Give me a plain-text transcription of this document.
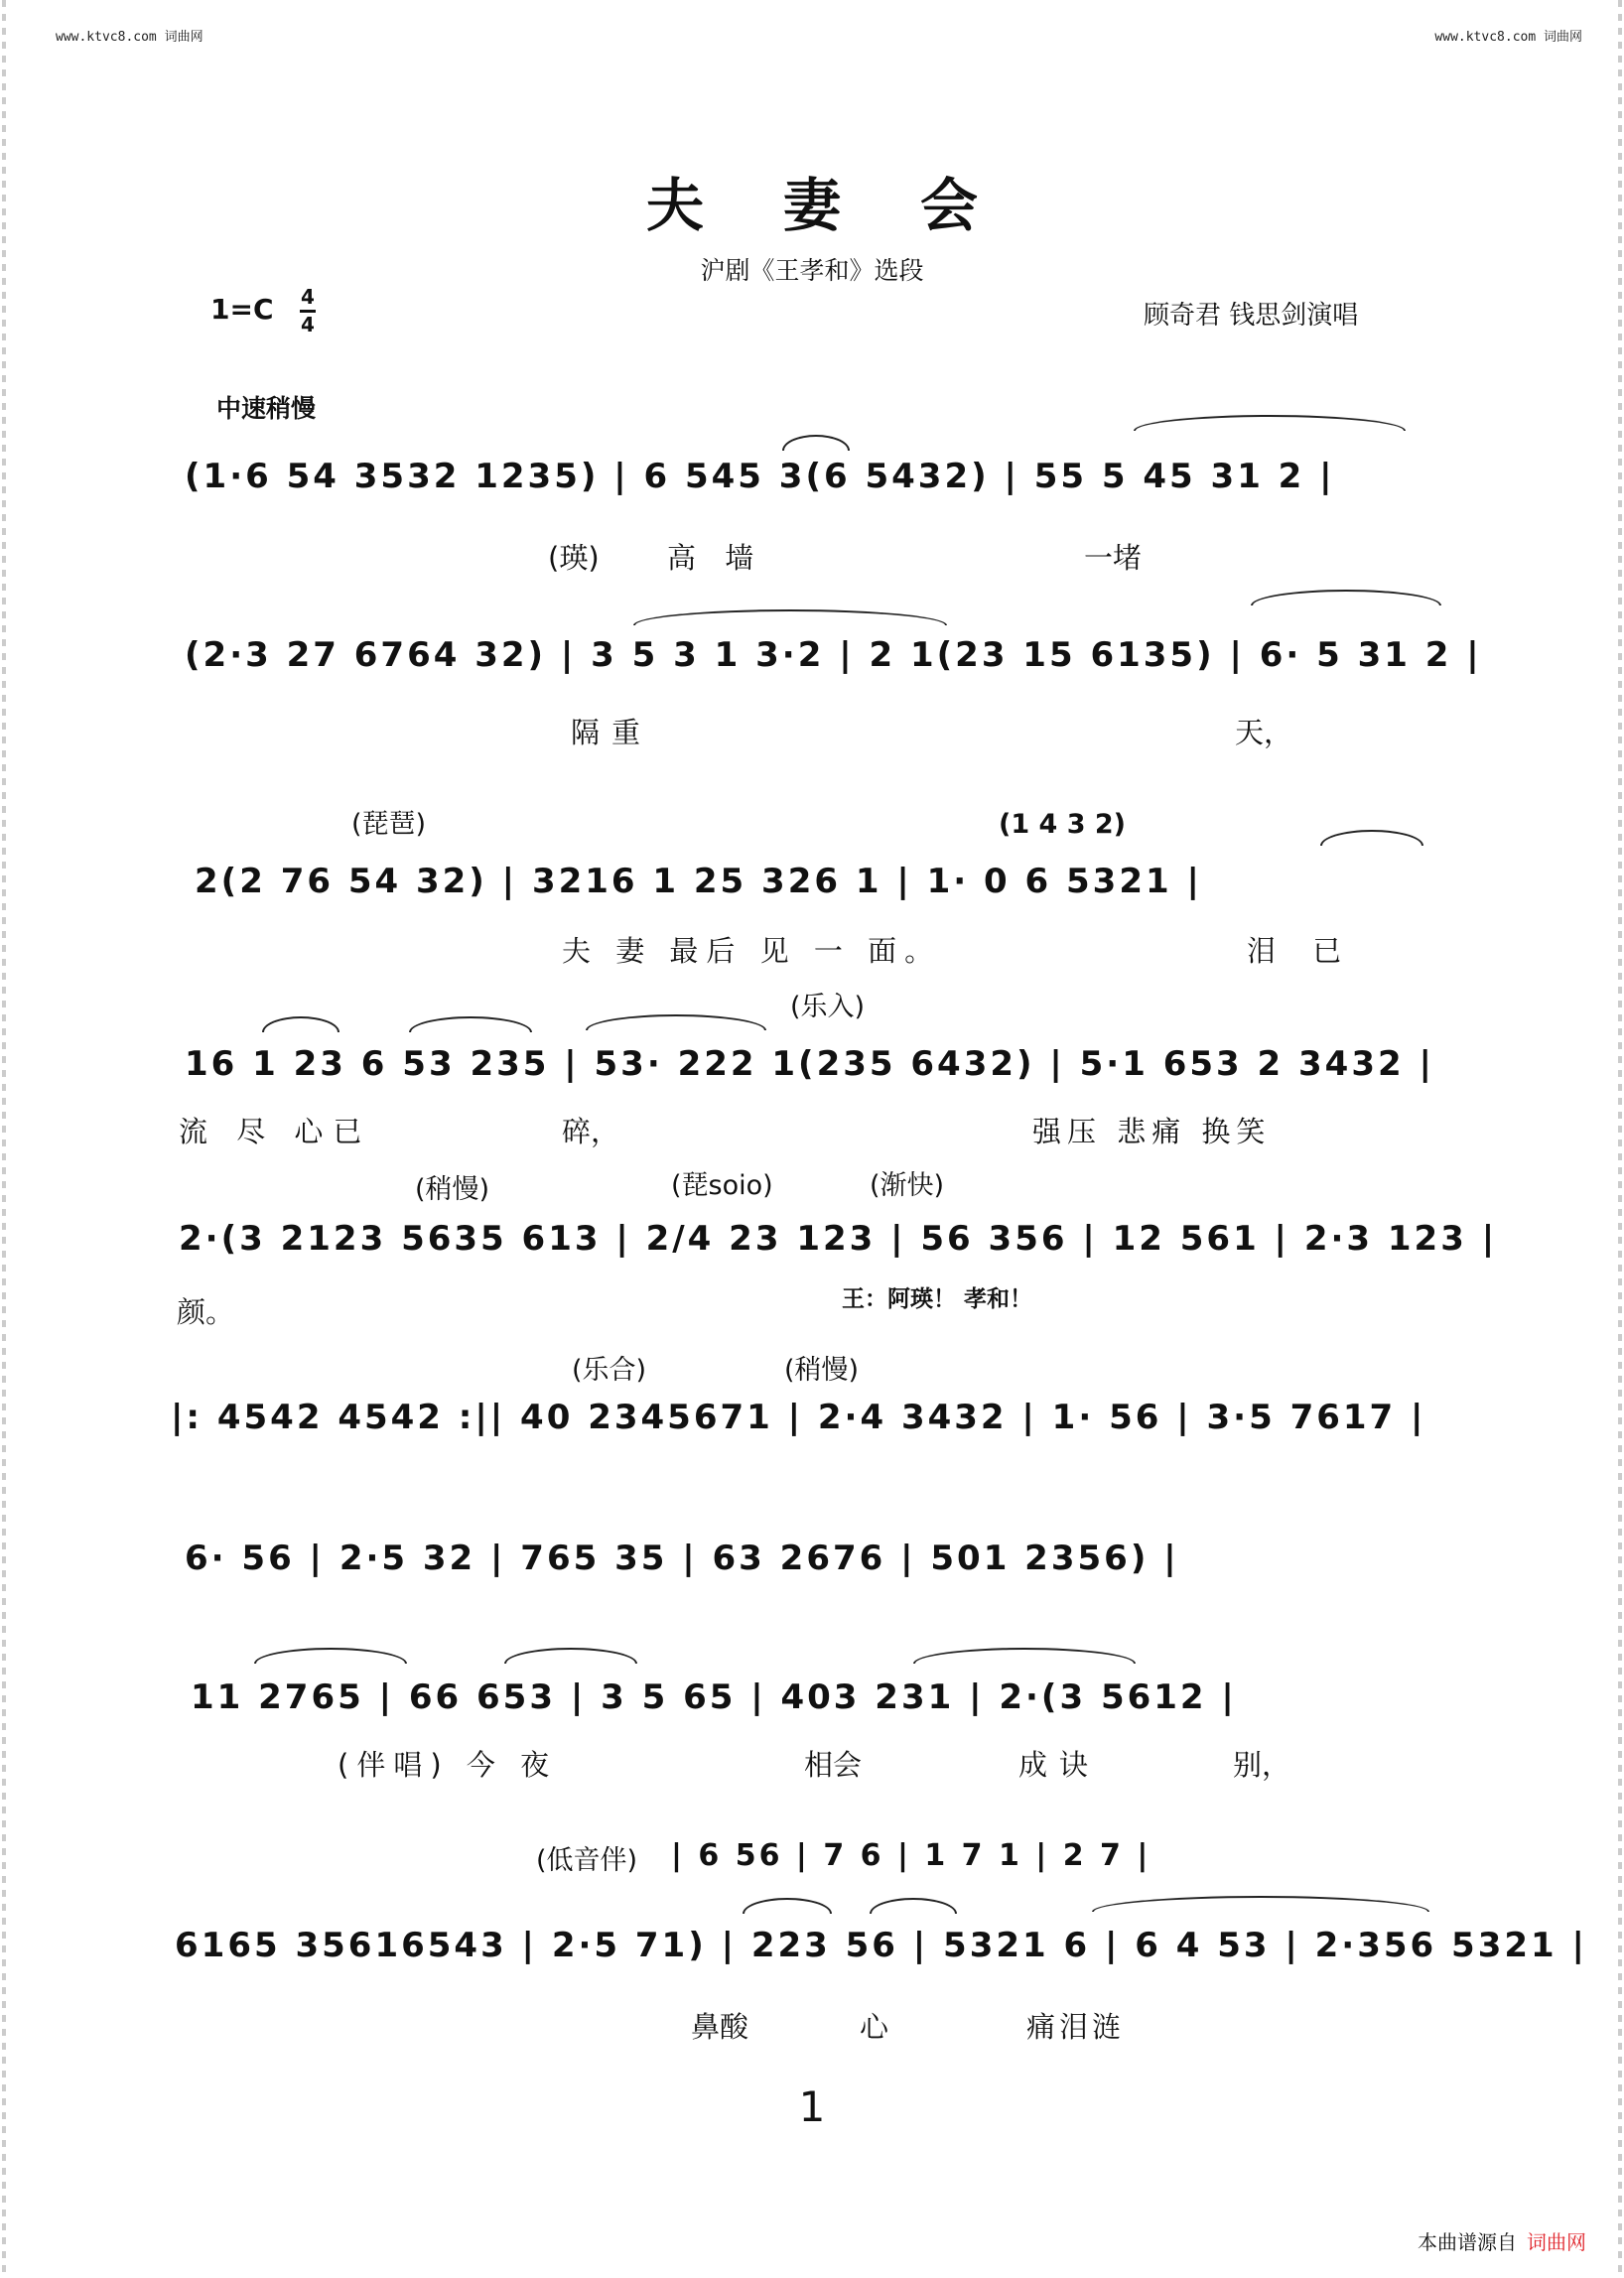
www.ktvc8.com 词曲网	www.ktvc8.com 词曲网
夫妻会
沪剧《王孝和》选段
1=C 4
4	顾奇君 钱思剑演唱
中速稍慢
(1·6 54 3532 1235) | 6 545 3(6 5432) | 55 5 45 31 2 |
(瑛) 高 墙	一堵
(2·3 27 6764 32) | 3 5 3 1 3·2 | 2 1(23 15 6135) | 6· 5 31 2 |
隔重	天，
(琵琶)	(1 4 3 2)
2(2 76 54 32) | 3216 1 25 326 1 | 1· 0 6 5321 |
夫 妻 最后 见 一 面。	泪 已
(乐入)
16 1 23 6 53 235 | 53· 222 1(235 6432) | 5·1 653 2 3432 |
流 尽 心已	碎，	强压 悲痛 换笑
(稍慢)	(琵soio)	(渐快)
2·(3 2123 5635 613 | 2/4 23 123 | 56 356 | 12 561 | 2·3 123 |
颜。	王：阿瑛！ 孝和！
(乐合)	(稍慢)
|: 4542 4542 :|| 40 2345671 | 2·4 3432 | 1· 56 | 3·5 7617 |
6· 56 | 2·5 32 | 765 35 | 63 2676 | 501 2356) |
11 2765 | 66 653 | 3 5 65 | 403 231 | 2·(3 5612 |
(伴唱) 今 夜	相会	成诀	别，
(低音伴) | 6 56 | 7 6 | 1 7 1 | 2 7 |
6165 35616543 | 2·5 71) | 223 56 | 5321 6 | 6 4 53 | 2·356 5321 |
鼻酸	心	痛泪涟
1
本曲谱源自 词曲网
